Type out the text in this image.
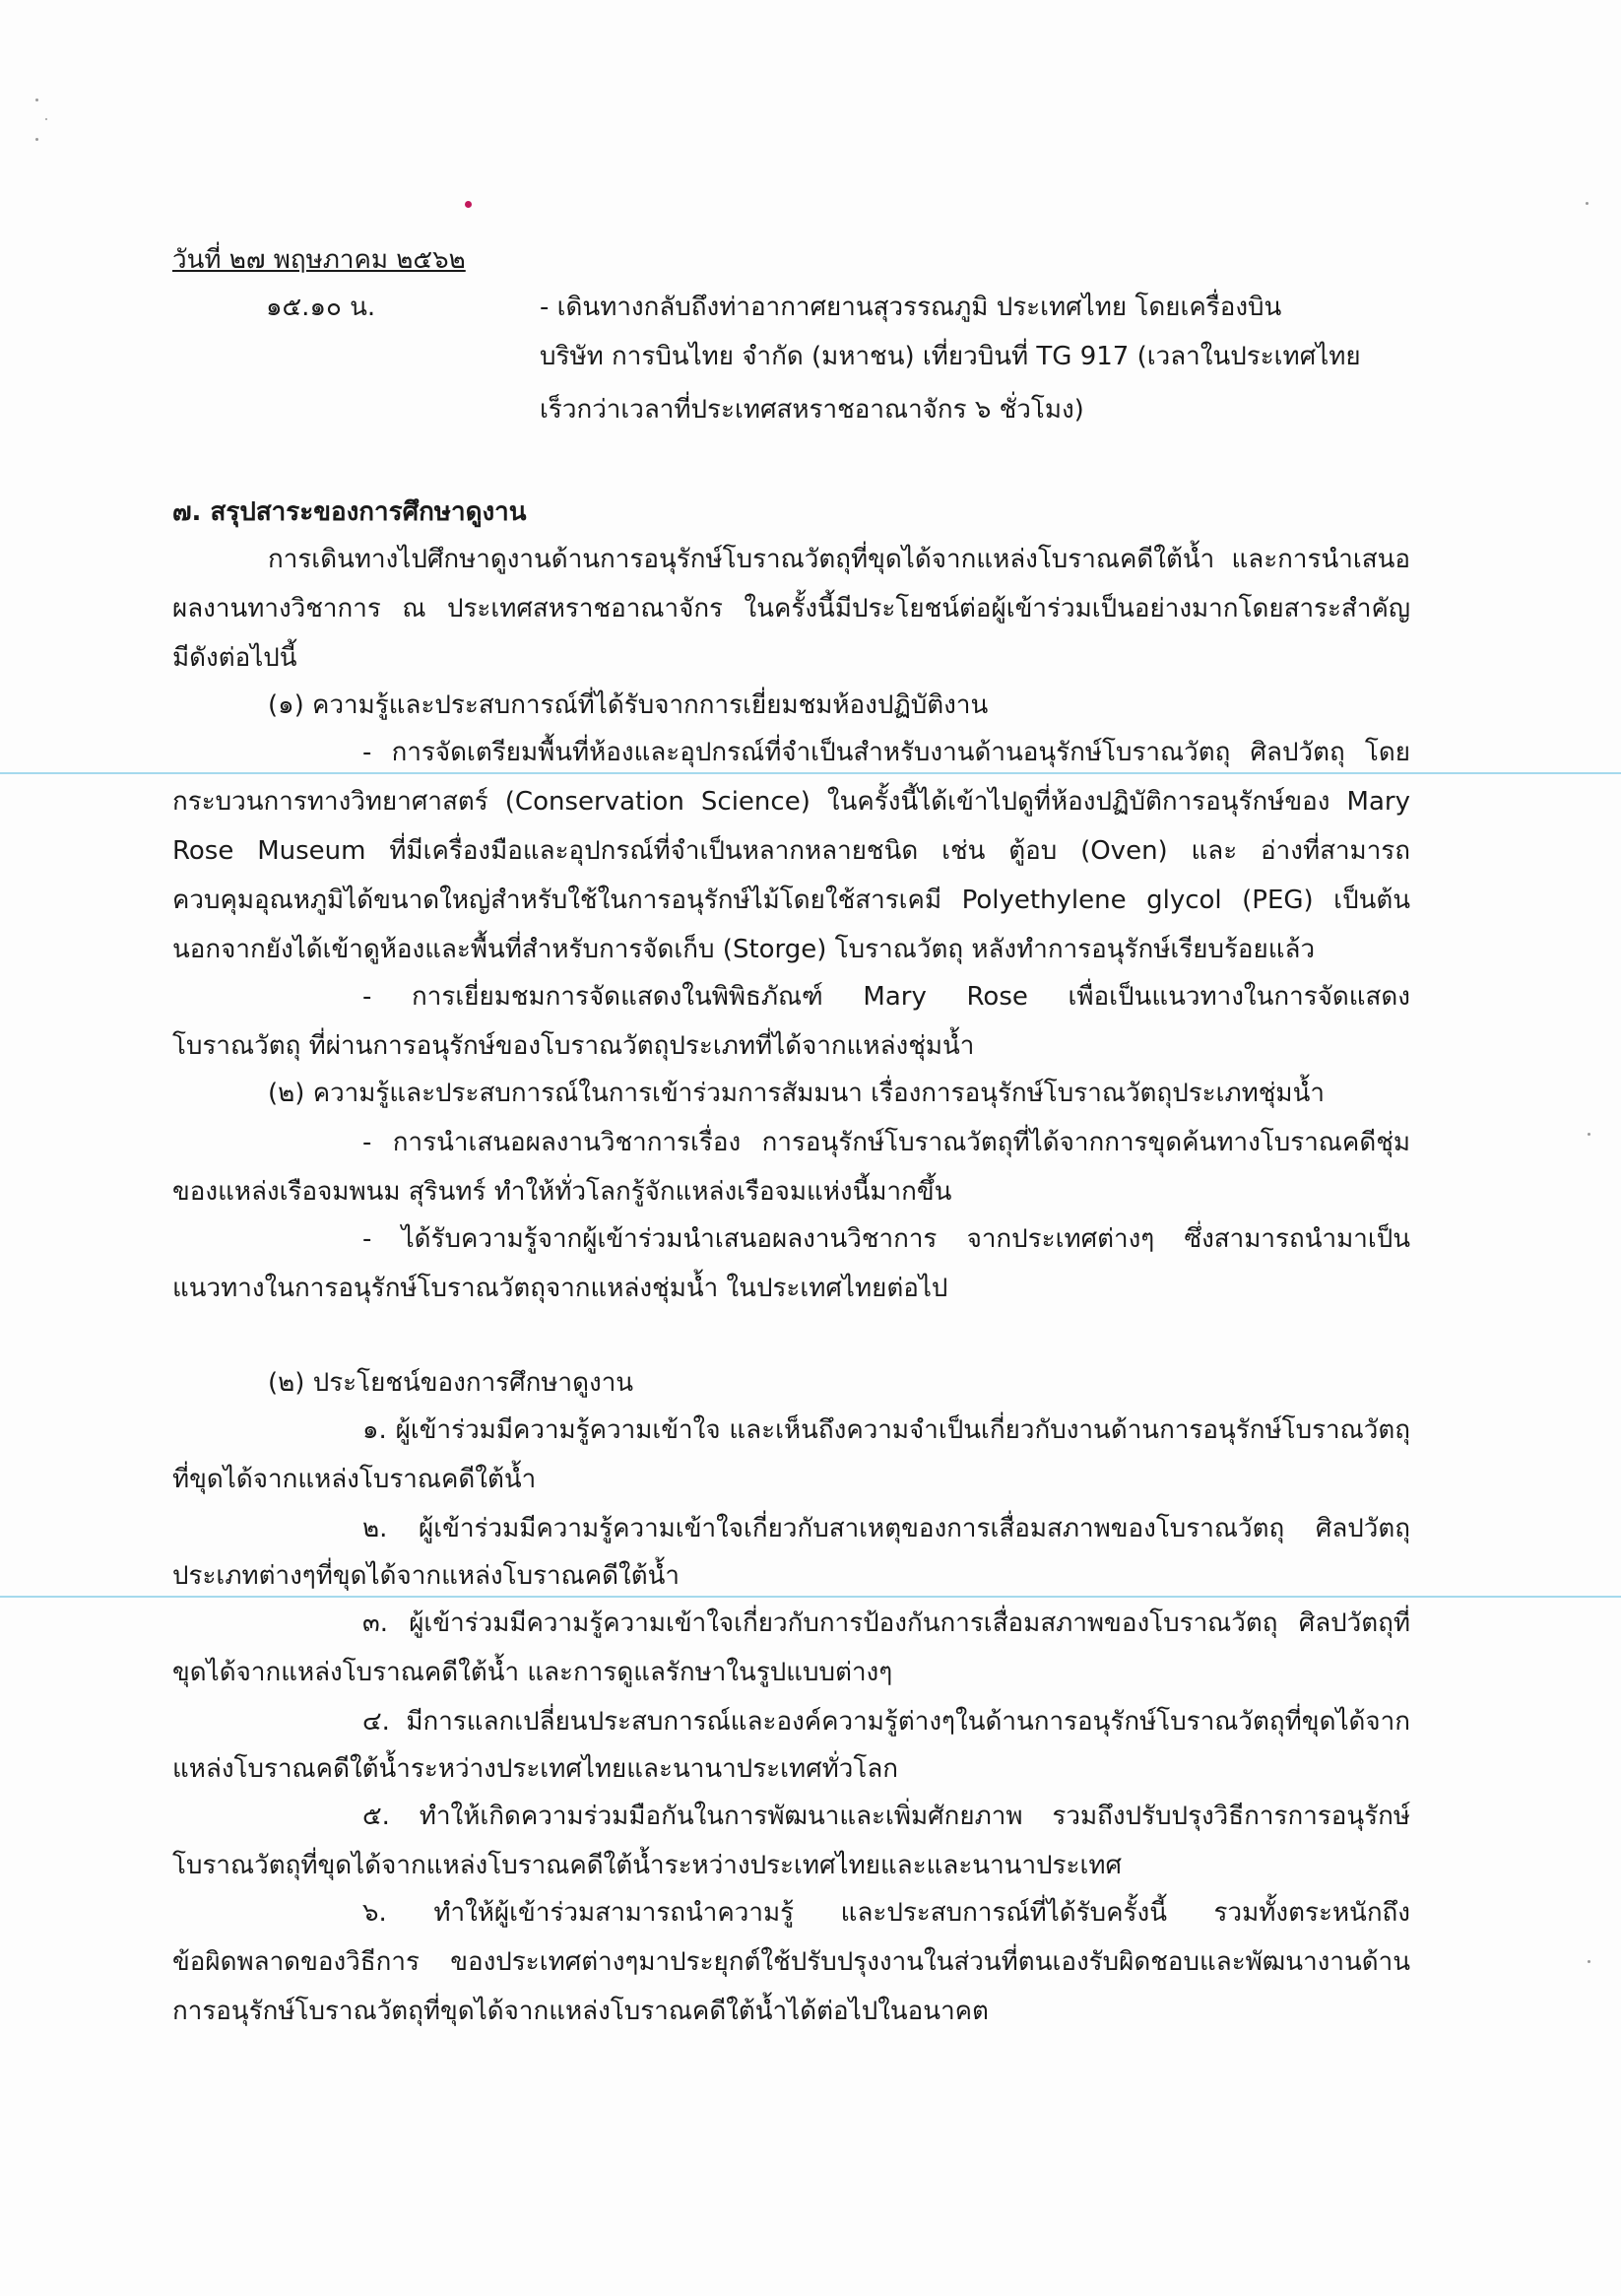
วันที่ ๒๗ พฤษภาคม ๒๕๖๒
๑๕.๑๐ น.	- เดินทางกลับถึงท่าอากาศยานสุวรรณภูมิ ประเทศไทย โดยเครื่องบิน
บริษัท การบินไทย จำกัด (มหาชน) เที่ยวบินที่ TG 917 (เวลาในประเทศไทย
เร็วกว่าเวลาที่ประเทศสหราชอาณาจักร ๖ ชั่วโมง)
๗. สรุปสาระของการศึกษาดูงาน
การเดินทางไปศึกษาดูงานด้านการอนุรักษ์โบราณวัตถุที่ขุดได้จากแหล่งโบราณคดีใต้น้ำ และการนำเสนอ
ผลงานทางวิชาการ ณ ประเทศสหราชอาณาจักร ในครั้งนี้มีประโยชน์ต่อผู้เข้าร่วมเป็นอย่างมากโดยสาระสำคัญ
มีดังต่อไปนี้
(๑) ความรู้และประสบการณ์ที่ได้รับจากการเยี่ยมชมห้องปฏิบัติงาน
- การจัดเตรียมพื้นที่ห้องและอุปกรณ์ที่จำเป็นสำหรับงานด้านอนุรักษ์โบราณวัตถุ ศิลปวัตถุ โดย
กระบวนการทางวิทยาศาสตร์ (Conservation Science) ในครั้งนี้ได้เข้าไปดูที่ห้องปฏิบัติการอนุรักษ์ของ Mary
Rose Museum ที่มีเครื่องมือและอุปกรณ์ที่จำเป็นหลากหลายชนิด เช่น ตู้อบ (Oven) และ อ่างที่สามารถ
ควบคุมอุณหภูมิได้ขนาดใหญ่สำหรับใช้ในการอนุรักษ์ไม้โดยใช้สารเคมี Polyethylene glycol (PEG) เป็นต้น
นอกจากยังได้เข้าดูห้องและพื้นที่สำหรับการจัดเก็บ (Storge) โบราณวัตถุ หลังทำการอนุรักษ์เรียบร้อยแล้ว
- การเยี่ยมชมการจัดแสดงในพิพิธภัณฑ์ Mary Rose เพื่อเป็นแนวทางในการจัดแสดง
โบราณวัตถุ ที่ผ่านการอนุรักษ์ของโบราณวัตถุประเภทที่ได้จากแหล่งชุ่มน้ำ
(๒) ความรู้และประสบการณ์ในการเข้าร่วมการสัมมนา เรื่องการอนุรักษ์โบราณวัตถุประเภทชุ่มน้ำ
- การนำเสนอผลงานวิชาการเรื่อง การอนุรักษ์โบราณวัตถุที่ได้จากการขุดค้นทางโบราณคดีชุ่ม
ของแหล่งเรือจมพนม สุรินทร์ ทำให้ทั่วโลกรู้จักแหล่งเรือจมแห่งนี้มากขึ้น
- ได้รับความรู้จากผู้เข้าร่วมนำเสนอผลงานวิชาการ จากประเทศต่างๆ ซึ่งสามารถนำมาเป็น
แนวทางในการอนุรักษ์โบราณวัตถุจากแหล่งชุ่มน้ำ ในประเทศไทยต่อไป
(๒) ประโยชน์ของการศึกษาดูงาน
๑. ผู้เข้าร่วมมีความรู้ความเข้าใจ และเห็นถึงความจำเป็นเกี่ยวกับงานด้านการอนุรักษ์โบราณวัตถุ
ที่ขุดได้จากแหล่งโบราณคดีใต้น้ำ
๒. ผู้เข้าร่วมมีความรู้ความเข้าใจเกี่ยวกับสาเหตุของการเสื่อมสภาพของโบราณวัตถุ ศิลปวัตถุ
ประเภทต่างๆที่ขุดได้จากแหล่งโบราณคดีใต้น้ำ
๓. ผู้เข้าร่วมมีความรู้ความเข้าใจเกี่ยวกับการป้องกันการเสื่อมสภาพของโบราณวัตถุ ศิลปวัตถุที่
ขุดได้จากแหล่งโบราณคดีใต้น้ำ และการดูแลรักษาในรูปแบบต่างๆ
๔. มีการแลกเปลี่ยนประสบการณ์และองค์ความรู้ต่างๆในด้านการอนุรักษ์โบราณวัตถุที่ขุดได้จาก
แหล่งโบราณคดีใต้น้ำระหว่างประเทศไทยและนานาประเทศทั่วโลก
๕. ทำให้เกิดความร่วมมือกันในการพัฒนาและเพิ่มศักยภาพ รวมถึงปรับปรุงวิธีการการอนุรักษ์
โบราณวัตถุที่ขุดได้จากแหล่งโบราณคดีใต้น้ำระหว่างประเทศไทยและและนานาประเทศ
๖. ทำให้ผู้เข้าร่วมสามารถนำความรู้ และประสบการณ์ที่ได้รับครั้งนี้ รวมทั้งตระหนักถึง
ข้อผิดพลาดของวิธีการ ของประเทศต่างๆมาประยุกต์ใช้ปรับปรุงงานในส่วนที่ตนเองรับผิดชอบและพัฒนางานด้าน
การอนุรักษ์โบราณวัตถุที่ขุดได้จากแหล่งโบราณคดีใต้น้ำได้ต่อไปในอนาคต
